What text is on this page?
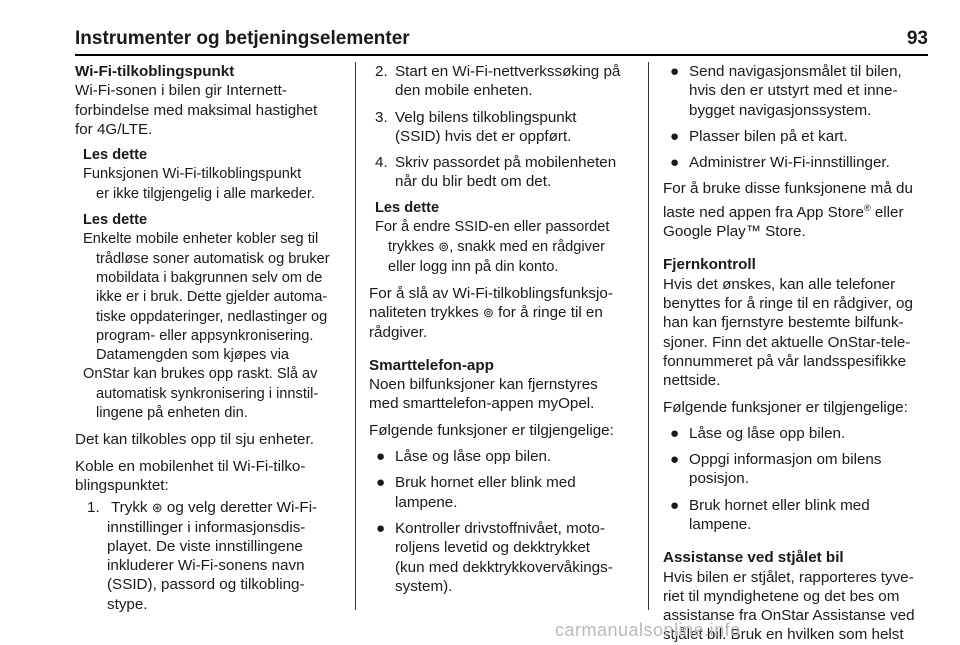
Instrumenter og betjeningselementer	93
Wi-Fi-tilkoblingspunkt
Wi-Fi-sonen i bilen gir Internett-
forbindelse med maksimal hastighet
for 4G/LTE.
Les dette
Funksjonen Wi-Fi-tilkoblingspunkt
er ikke tilgjengelig i alle markeder.
Les dette
Enkelte mobile enheter kobler seg til
trådløse soner automatisk og bruker
mobildata i bakgrunnen selv om de
ikke er i bruk. Dette gjelder automa-
tiske oppdateringer, nedlastinger og
program- eller appsynkronisering.
Datamengden som kjøpes via
OnStar kan brukes opp raskt. Slå av
automatisk synkronisering i innstil-
lingene på enheten din.
Det kan tilkobles opp til sju enheter.
Koble en mobilenhet til Wi-Fi-tilko-
blingspunktet:
1. Trykk ⊛ og velg deretter Wi-Fi-
innstillinger i informasjonsdis-
playet. De viste innstillingene
inkluderer Wi-Fi-sonens navn
(SSID), passord og tilkobling-
stype.
2. Start en Wi-Fi-nettverkssøking på
den mobile enheten.
3. Velg bilens tilkoblingspunkt
(SSID) hvis det er oppført.
4. Skriv passordet på mobilenheten
når du blir bedt om det.
Les dette
For å endre SSID-en eller passordet
trykkes ⊚, snakk med en rådgiver
eller logg inn på din konto.
For å slå av Wi-Fi-tilkoblingsfunksjo-
naliteten trykkes ⊚ for å ringe til en
rådgiver.
Smarttelefon-app
Noen bilfunksjoner kan fjernstyres
med smarttelefon-appen myOpel.
Følgende funksjoner er tilgjengelige:
● Låse og låse opp bilen.
● Bruk hornet eller blink med
lampene.
● Kontroller drivstoffnivået, moto-
roljens levetid og dekktrykket
(kun med dekktrykkovervåkings-
system).
● Send navigasjonsmålet til bilen,
hvis den er utstyrt med et inne-
bygget navigasjonssystem.
● Plasser bilen på et kart.
● Administrer Wi-Fi-innstillinger.
For å bruke disse funksjonene må du
laste ned appen fra App Store® eller
Google Play™ Store.
Fjernkontroll
Hvis det ønskes, kan alle telefoner
benyttes for å ringe til en rådgiver, og
han kan fjernstyre bestemte bilfunk-
sjoner. Finn det aktuelle OnStar-tele-
fonnummeret på vår landsspesifikke
nettside.
Følgende funksjoner er tilgjengelige:
● Låse og låse opp bilen.
● Oppgi informasjon om bilens
posisjon.
● Bruk hornet eller blink med
lampene.
Assistanse ved stjålet bil
Hvis bilen er stjålet, rapporteres tyve-
riet til myndighetene og det bes om
assistanse fra OnStar Assistanse ved
stjålet bil. Bruk en hvilken som helst
carmanualsonline.info
